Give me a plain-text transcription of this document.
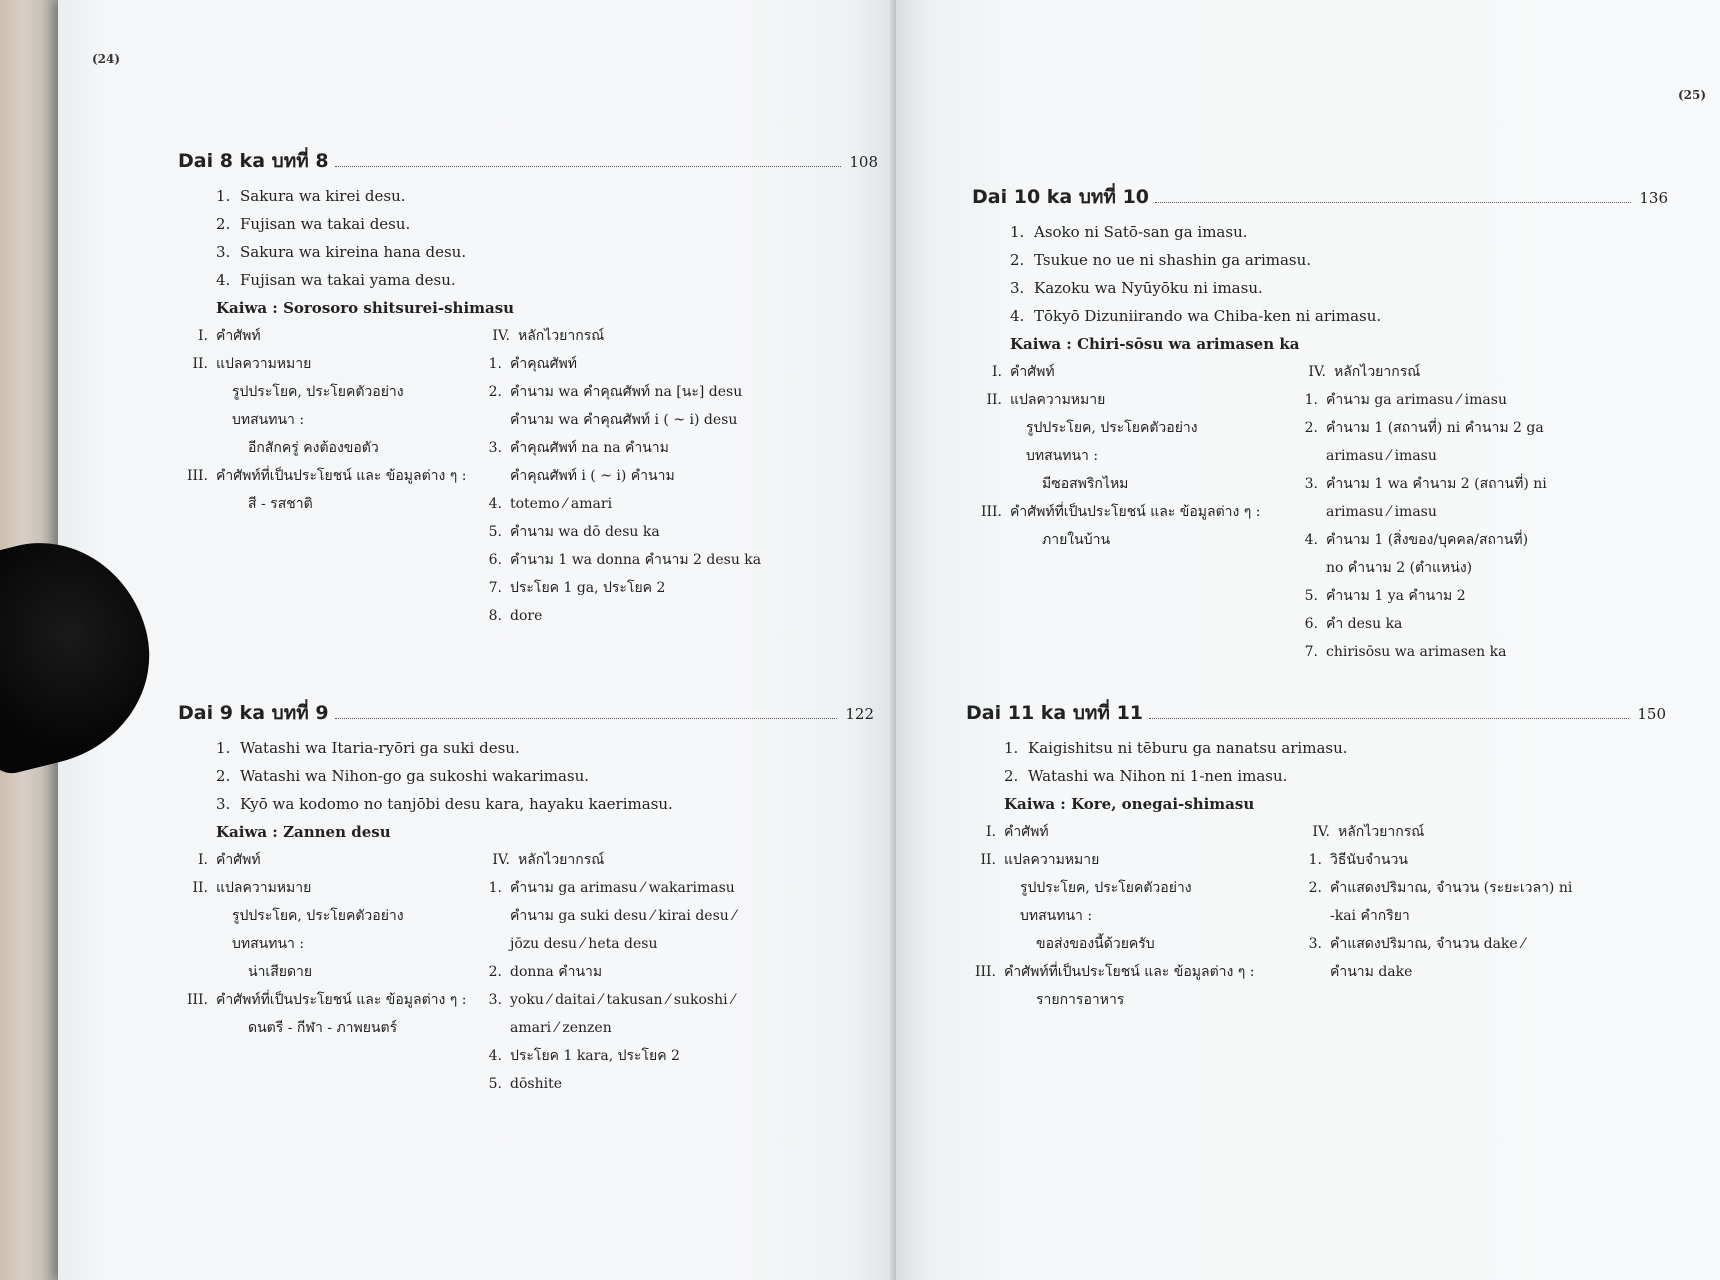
(24)
Dai 8 ka บทที่ 8	108
1. Sakura wa kirei desu.
2. Fujisan wa takai desu.
3. Sakura wa kireina hana desu.
4. Fujisan wa takai yama desu.
Kaiwa : Sorosoro shitsurei-shimasu
I. คำศัพท์
II. แปลความหมาย
รูปประโยค, ประโยคตัวอย่าง
บทสนทนา :
อีกสักครู่ คงต้องขอตัว
III. คำศัพท์ที่เป็นประโยชน์ และ ข้อมูลต่าง ๆ :
สี - รสชาติ
IV. หลักไวยากรณ์
1. คำคุณศัพท์
2. คำนาม wa คำคุณศัพท์ na [นะ] desu
คำนาม wa คำคุณศัพท์ i ( ~ i) desu
3. คำคุณศัพท์ na na คำนาม
คำคุณศัพท์ i ( ~ i) คำนาม
4. totemo ⁄ amari
5. คำนาม wa dō desu ka
6. คำนาม 1 wa donna คำนาม 2 desu ka
7. ประโยค 1 ga, ประโยค 2
8. dore
Dai 9 ka บทที่ 9	122
1. Watashi wa Itaria-ryōri ga suki desu.
2. Watashi wa Nihon-go ga sukoshi wakarimasu.
3. Kyō wa kodomo no tanjōbi desu kara, hayaku kaerimasu.
Kaiwa : Zannen desu
I. คำศัพท์
II. แปลความหมาย
รูปประโยค, ประโยคตัวอย่าง
บทสนทนา :
น่าเสียดาย
III. คำศัพท์ที่เป็นประโยชน์ และ ข้อมูลต่าง ๆ :
ดนตรี - กีฬา - ภาพยนตร์
IV. หลักไวยากรณ์
1. คำนาม ga arimasu ⁄ wakarimasu
คำนาม ga suki desu ⁄ kirai desu ⁄
jōzu desu ⁄ heta desu
2. donna คำนาม
3. yoku ⁄ daitai ⁄ takusan ⁄ sukoshi ⁄
amari ⁄ zenzen
4. ประโยค 1 kara, ประโยค 2
5. dōshite
(25)
Dai 10 ka บทที่ 10	136
1. Asoko ni Satō-san ga imasu.
2. Tsukue no ue ni shashin ga arimasu.
3. Kazoku wa Nyūyōku ni imasu.
4. Tōkyō Dizuniirando wa Chiba-ken ni arimasu.
Kaiwa : Chiri-sōsu wa arimasen ka
I. คำศัพท์
II. แปลความหมาย
รูปประโยค, ประโยคตัวอย่าง
บทสนทนา :
มีซอสพริกไหม
III. คำศัพท์ที่เป็นประโยชน์ และ ข้อมูลต่าง ๆ :
ภายในบ้าน
IV. หลักไวยากรณ์
1. คำนาม ga arimasu ⁄ imasu
2. คำนาม 1 (สถานที่) ni คำนาม 2 ga
arimasu ⁄ imasu
3. คำนาม 1 wa คำนาม 2 (สถานที่) ni
arimasu ⁄ imasu
4. คำนาม 1 (สิ่งของ/บุคคล/สถานที่)
no คำนาม 2 (ตำแหน่ง)
5. คำนาม 1 ya คำนาม 2
6. คำ desu ka
7. chirisōsu wa arimasen ka
Dai 11 ka บทที่ 11	150
1. Kaigishitsu ni tēburu ga nanatsu arimasu.
2. Watashi wa Nihon ni 1-nen imasu.
Kaiwa : Kore, onegai-shimasu
I. คำศัพท์
II. แปลความหมาย
รูปประโยค, ประโยคตัวอย่าง
บทสนทนา :
ขอส่งของนี้ด้วยครับ
III. คำศัพท์ที่เป็นประโยชน์ และ ข้อมูลต่าง ๆ :
รายการอาหาร
IV. หลักไวยากรณ์
1. วิธีนับจำนวน
2. คำแสดงปริมาณ, จำนวน (ระยะเวลา) ni
-kai คำกริยา
3. คำแสดงปริมาณ, จำนวน dake ⁄
คำนาม dake
